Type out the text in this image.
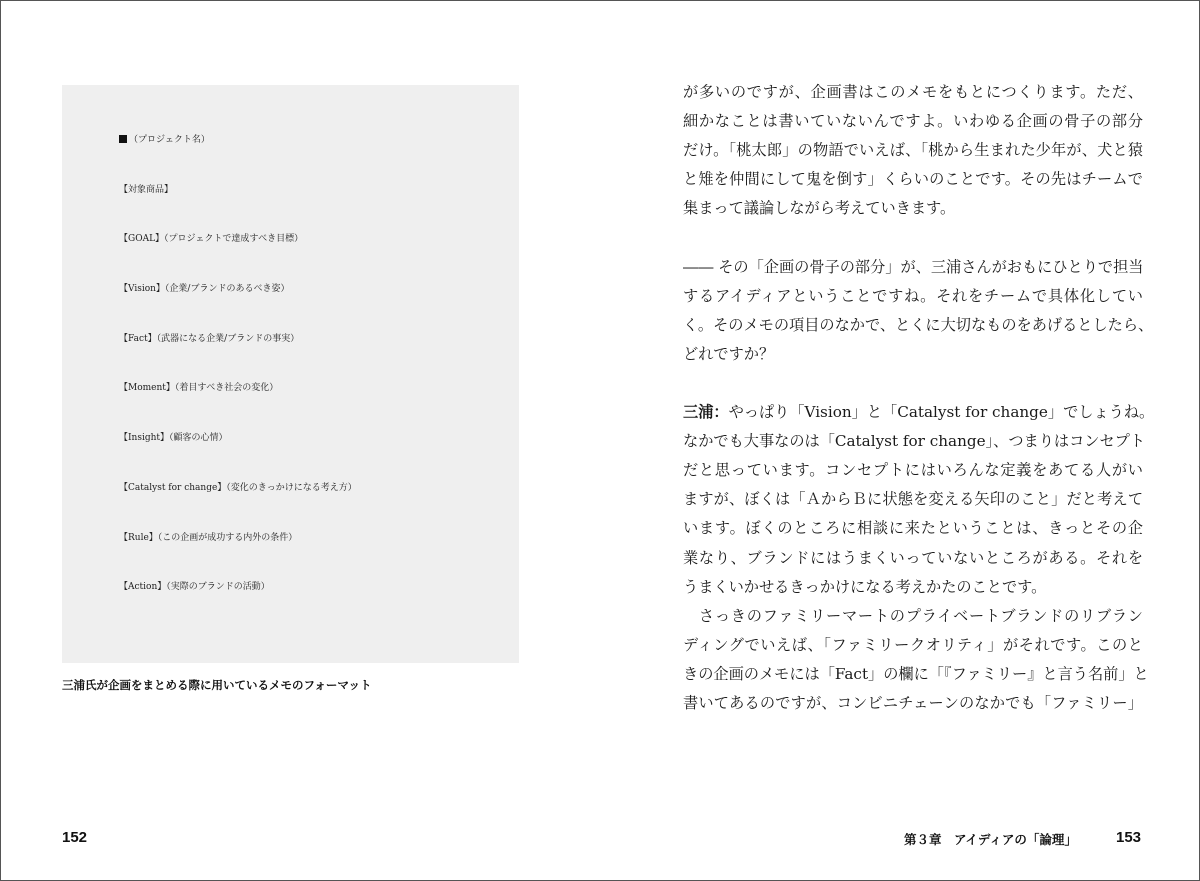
（プロジェクト名）
【対象商品】
【GOAL】（プロジェクトで達成すべき目標）
【Vision】（企業/ブランドのあるべき姿）
【Fact】（武器になる企業/ブランドの事実）
【Moment】（着目すべき社会の変化）
【Insight】（顧客の心情）
【Catalyst for change】（変化のきっかけになる考え方）
【Rule】（この企画が成功する内外の条件）
【Action】（実際のブランドの活動）
三浦氏が企画をまとめる際に用いているメモのフォーマット
152
が多いのですが、企画書はこのメモをもとにつくります。ただ、
細かなことは書いていないんですよ。いわゆる企画の骨子の部分
だけ。「桃太郎」の物語でいえば、「桃から生まれた少年が、犬と猿
と雉を仲間にして鬼を倒す」くらいのことです。その先はチームで
集まって議論しながら考えていきます。
―― その「企画の骨子の部分」が、三浦さんがおもにひとりで担当
するアイディアということですね。それをチームで具体化してい
く。そのメモの項目のなかで、とくに大切なものをあげるとしたら、
どれですか？
三浦：やっぱり「Vision」と「Catalyst for change」でしょうね。
なかでも大事なのは「Catalyst for change」、つまりはコンセプト
だと思っています。コンセプトにはいろんな定義をあてる人がい
ますが、ぼくは「ＡからＢに状態を変える矢印のこと」だと考えて
います。ぼくのところに相談に来たということは、きっとその企
業なり、ブランドにはうまくいっていないところがある。それを
うまくいかせるきっかけになる考えかたのことです。
　さっきのファミリーマートのプライベートブランドのリブラン
ディングでいえば、「ファミリークオリティ」がそれです。このと
きの企画のメモには「Fact」の欄に「『ファミリー』と言う名前」と
書いてあるのですが、コンビニチェーンのなかでも「ファミリー」
第３章　アイディアの「論理」	153
